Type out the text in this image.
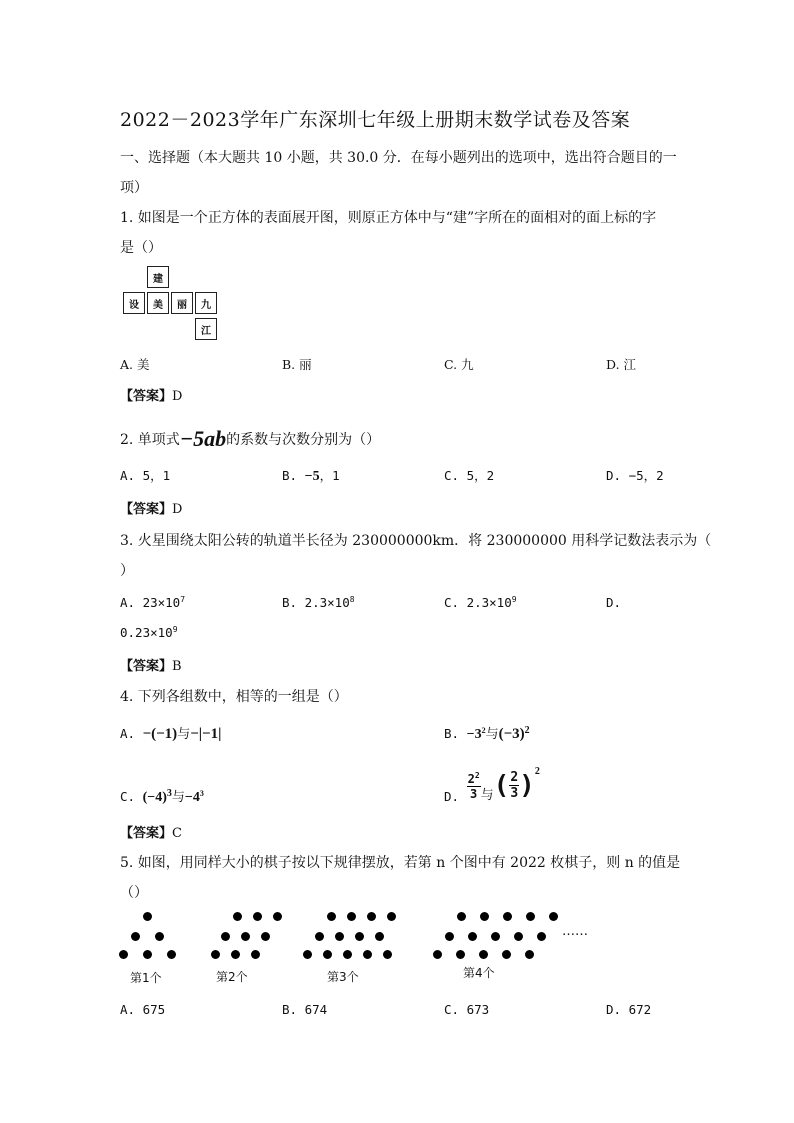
2022－2023学年广东深圳七年级上册期末数学试卷及答案
一、选择题（本大题共 10 小题，共 30.0 分．在每小题列出的选项中，选出符合题目的一
项）
1. 如图是一个正方体的表面展开图，则原正方体中与“建”字所在的面相对的面上标的字
是（）
建
设	美	丽	九
江
A. 美	B. 丽	C. 九	D. 江
【答案】D
2. 单项式−5ab的系数与次数分别为（）
A. 5，1	B. −5，1	C. 5，2	D. −5，2
【答案】D
3. 火星围绕太阳公转的轨道半长径为 230000000km．将 230000000 用科学记数法表示为（
）
A. $23\times 10^7$	B. $2.3\times 10^8$	C. $2.3\times 10^9$	D.
$0.23\times 10^9$
【答案】B
4. 下列各组数中，相等的一组是（）
A. −(−1)与−|−1|	B. $-3^2$与$(-3)^2$
C. $(-4)^3$与$-4^3$	D. $\frac{2^2}{3}$ 与( $\frac{2}{3} )^2$
【答案】C
5. 如图，用同样大小的棋子按以下规律摆放，若第 n 个图中有 2022 枚棋子，则 n 的值是
（）
第1个	第2个	第3个	第4个
……
A. 675	B. 674	C. 673	D. 672
